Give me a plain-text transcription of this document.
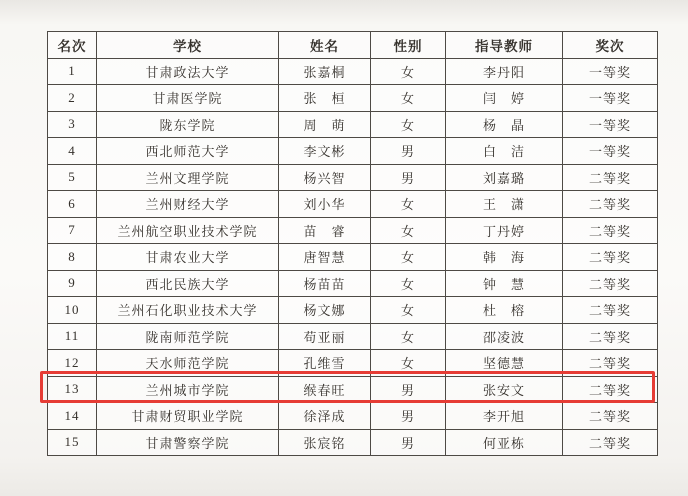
名次	学校	姓名	性别	指导教师	奖次
1	甘肃政法大学	张嘉桐	女	李丹阳	一等奖
2	甘肃医学院	张　桓	女	闫　婷	一等奖
3	陇东学院	周　萌	女	杨　晶	一等奖
4	西北师范大学	李文彬	男	白　洁	一等奖
5	兰州文理学院	杨兴智	男	刘嘉璐	二等奖
6	兰州财经大学	刘小华	女	王　潇	二等奖
7	兰州航空职业技术学院	苗　睿	女	丁丹婷	二等奖
8	甘肃农业大学	唐智慧	女	韩　海	二等奖
9	西北民族大学	杨苗苗	女	钟　慧	二等奖
10	兰州石化职业技术大学	杨文娜	女	杜　榕	二等奖
11	陇南师范学院	苟亚丽	女	邵凌波	二等奖
12	天水师范学院	孔维雪	女	坚德慧	二等奖
13	兰州城市学院	缑春旺	男	张安文	二等奖
14	甘肃财贸职业学院	徐泽成	男	李开旭	二等奖
15	甘肃警察学院	张宸铭	男	何亚栋	二等奖
